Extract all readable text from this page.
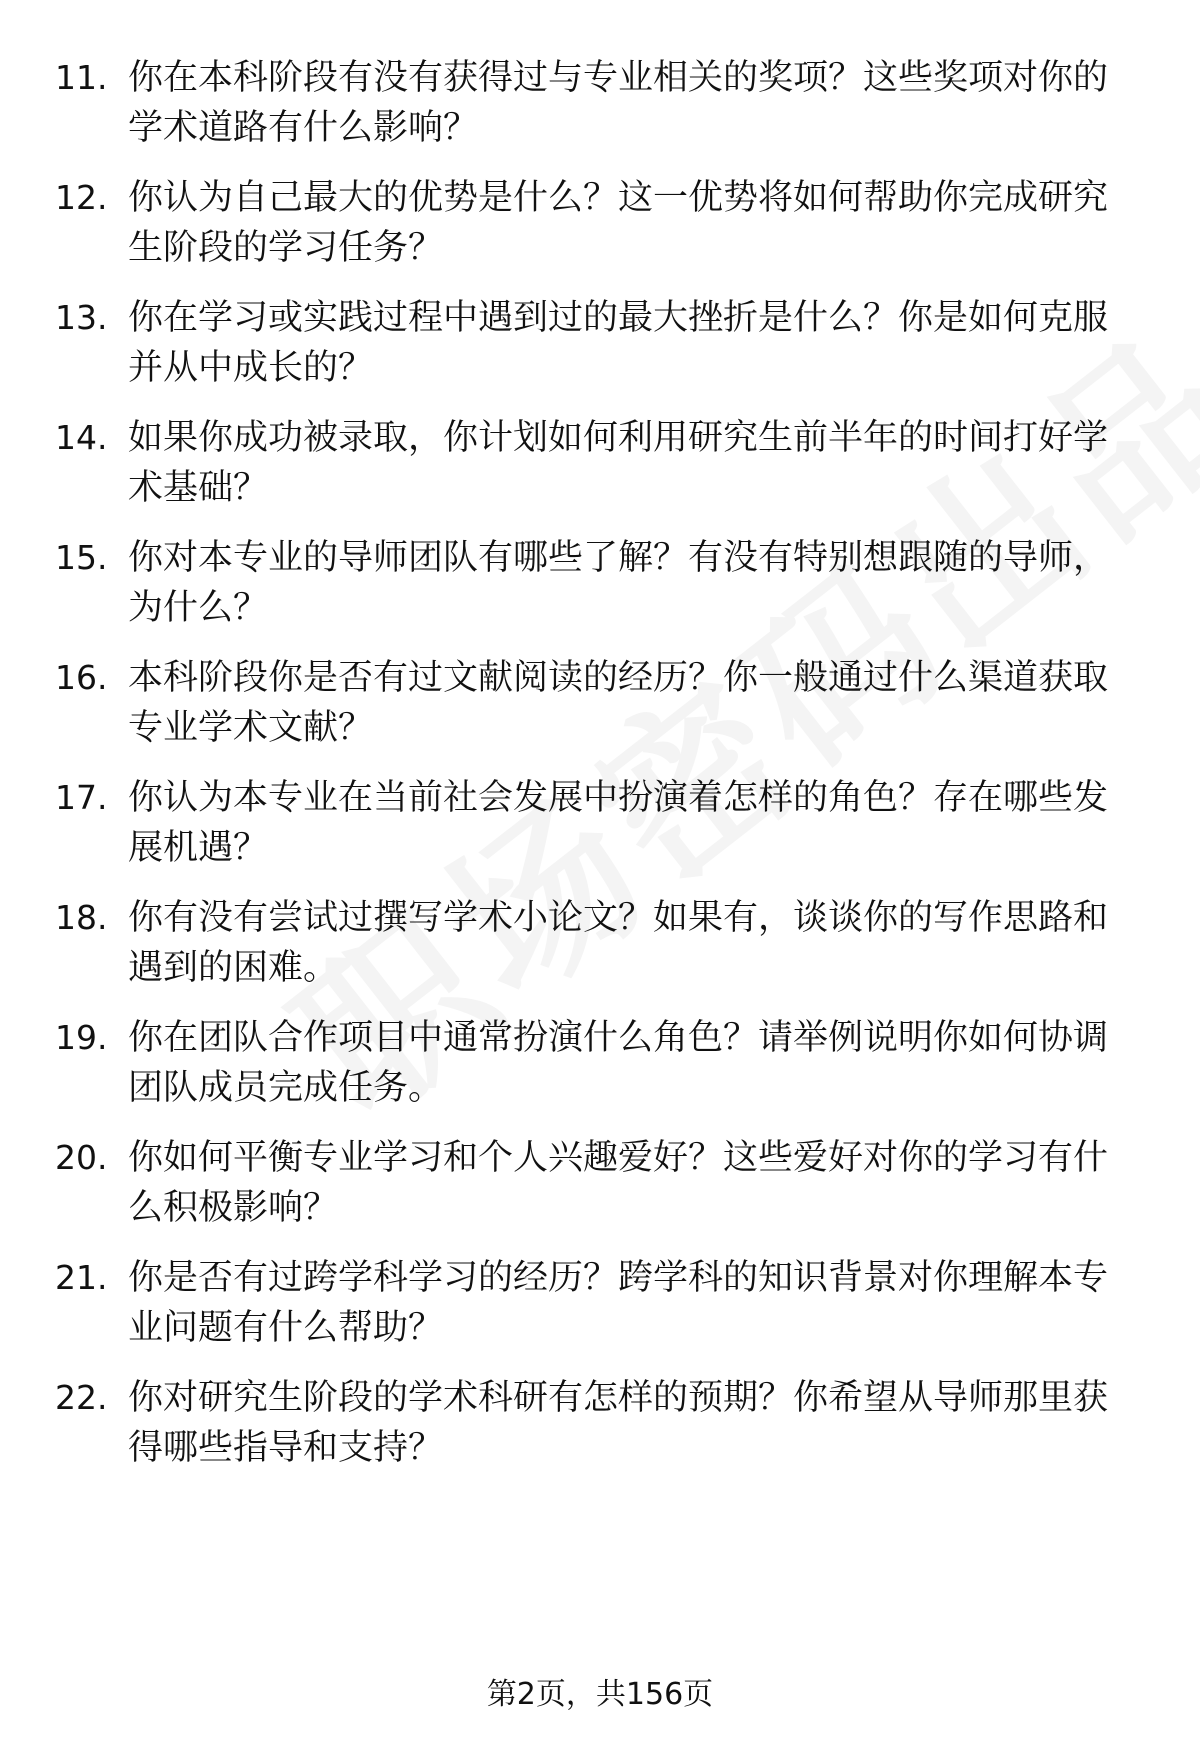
11. 你在本科阶段有没有获得过与专业相关的奖项？这些奖项对你的学术道路有什么影响？
12. 你认为自己最大的优势是什么？这一优势将如何帮助你完成研究生阶段的学习任务？
13. 你在学习或实践过程中遇到过的最大挫折是什么？你是如何克服并从中成长的？
14. 如果你成功被录取，你计划如何利用研究生前半年的时间打好学术基础？
15. 你对本专业的导师团队有哪些了解？有没有特别想跟随的导师，为什么？
16. 本科阶段你是否有过文献阅读的经历？你一般通过什么渠道获取专业学术文献？
17. 你认为本专业在当前社会发展中扮演着怎样的角色？存在哪些发展机遇？
18. 你有没有尝试过撰写学术小论文？如果有，谈谈你的写作思路和遇到的困难。
19. 你在团队合作项目中通常扮演什么角色？请举例说明你如何协调团队成员完成任务。
20. 你如何平衡专业学习和个人兴趣爱好？这些爱好对你的学习有什么积极影响？
21. 你是否有过跨学科学习的经历？跨学科的知识背景对你理解本专业问题有什么帮助？
22. 你对研究生阶段的学术科研有怎样的预期？你希望从导师那里获得哪些指导和支持？
第2页，共156页
